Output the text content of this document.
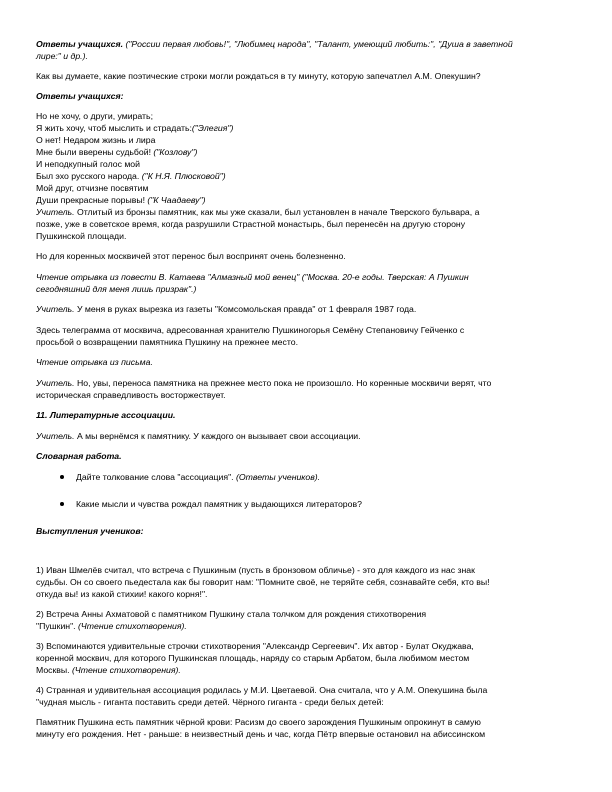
Ответы учащихся. ("России первая любовь!", "Любимец народа", "Талант, умеющий любить:", "Душа в заветной
лире:" и др.).
Как вы думаете, какие поэтические строки могли рождаться в ту минуту, которую запечатлел А.М. Опекушин?
Ответы учащихся:
Но не хочу, о други, умирать;
Я жить хочу, чтоб мыслить и страдать:("Элегия")
О нет! Недаром жизнь и лира
Мне были вверены судьбой! ("Козлову")
И неподкупный голос мой
Был эхо русского народа. ("К Н.Я. Плюсковой")
Мой друг, отчизне посвятим
Души прекрасные порывы! ("К Чаадаеву")
Учитель. Отлитый из бронзы памятник, как мы уже сказали, был установлен в начале Тверского бульвара, а
позже, уже в советское время, когда разрушили Страстной монастырь, был перенесён на другую сторону
Пушкинской площади.
Но для коренных москвичей этот перенос был воспринят очень болезненно.
Чтение отрывка из повести В. Катаева "Алмазный мой венец" ("Москва. 20-е годы. Тверская: А Пушкин
сегодняшний для меня лишь призрак".)
Учитель. У меня в руках вырезка из газеты "Комсомольская правда" от 1 февраля 1987 года.
Здесь телеграмма от москвича, адресованная хранителю Пушкиногорья Семёну Степановичу Гейченко с
просьбой о возвращении памятника Пушкину на прежнее место.
Чтение отрывка из письма.
Учитель. Но, увы, переноса памятника на прежнее место пока не произошло. Но коренные москвичи верят, что
историческая справедливость восторжествует.
11. Литературные ассоциации.
Учитель. А мы вернёмся к памятнику. У каждого он вызывает свои ассоциации.
Словарная работа.
Дайте толкование слова "ассоциация". (Ответы учеников).
Какие мысли и чувства рождал памятник у выдающихся литераторов?
Выступления учеников:
1) Иван Шмелёв считал, что встреча с Пушкиным (пусть в бронзовом обличье) - это для каждого из нас знак
судьбы. Он со своего пьедестала как бы говорит нам: "Помните своё, не теряйте себя, сознавайте себя, кто вы!
откуда вы! из какой стихии! какого корня!".
2) Встреча Анны Ахматовой с памятником Пушкину стала толчком для рождения стихотворения
"Пушкин". (Чтение стихотворения).
3) Вспоминаются удивительные строчки стихотворения "Александр Сергеевич". Их автор - Булат Окуджава,
коренной москвич, для которого Пушкинская площадь, наряду со старым Арбатом, была любимом местом
Москвы. (Чтение стихотворения).
4) Странная и удивительная ассоциация родилась у М.И. Цветаевой. Она считала, что у А.М. Опекушина была
"чудная мысль - гиганта поставить среди детей. Чёрного гиганта - среди белых детей:
Памятник Пушкина есть памятник чёрной крови: Расизм до своего зарождения Пушкиным опрокинут в самую
минуту его рождения. Нет - раньше: в неизвестный день и час, когда Пётр впервые остановил на абиссинском
